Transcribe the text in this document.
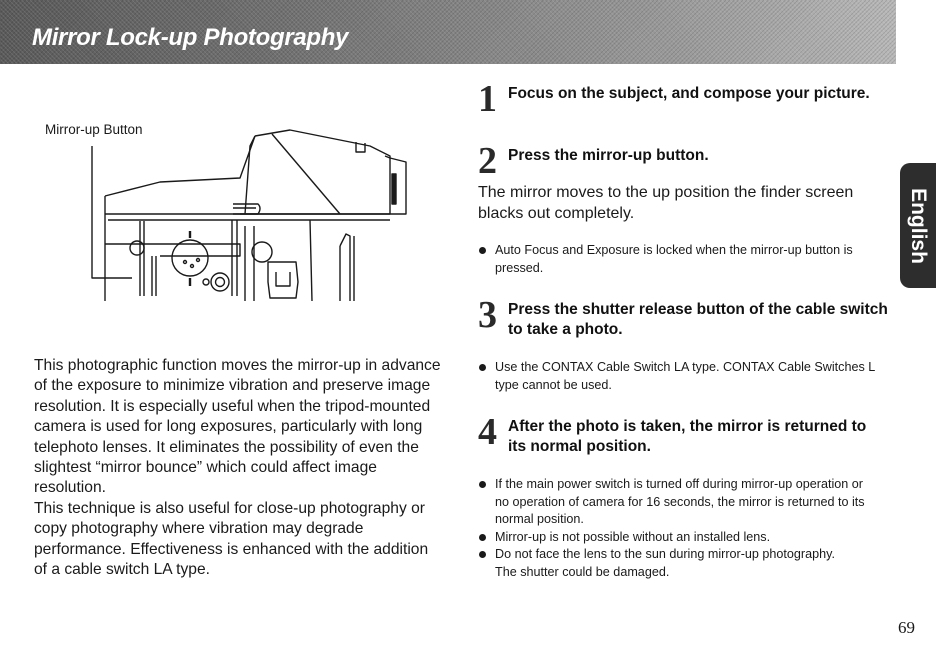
Mirror Lock-up Photography
English
Mirror-up Button
This photographic function moves the mirror-up in advance of the exposure to minimize vibration and preserve image resolution. It is especially useful when the tripod-mounted camera is used for long exposures, particularly with long telephoto lenses. It eliminates the possibility of even the slightest “mirror bounce” which could affect image resolution.
This technique is also useful for close-up photography or copy photography where vibration may degrade performance. Effectiveness is enhanced with the addition of a cable switch LA type.
1 Focus on the subject, and compose your picture.

2 Press the mirror-up button.

The mirror moves to the up position the finder screen blacks out completely.

Auto Focus and Exposure is locked when the mirror-up button is pressed.
3 Press the shutter release button of the cable switch to take a photo.

Use the CONTAX Cable Switch LA type. CONTAX Cable Switches L type cannot be used.
4 After the photo is taken, the mirror is returned to its normal position.

If the main power switch is turned off during mirror-up operation or no operation of camera for 16 seconds, the mirror is returned to its normal position.
Mirror-up is not possible without an installed lens.
Do not face the lens to the sun during mirror-up photography.
The shutter could be damaged.
69
